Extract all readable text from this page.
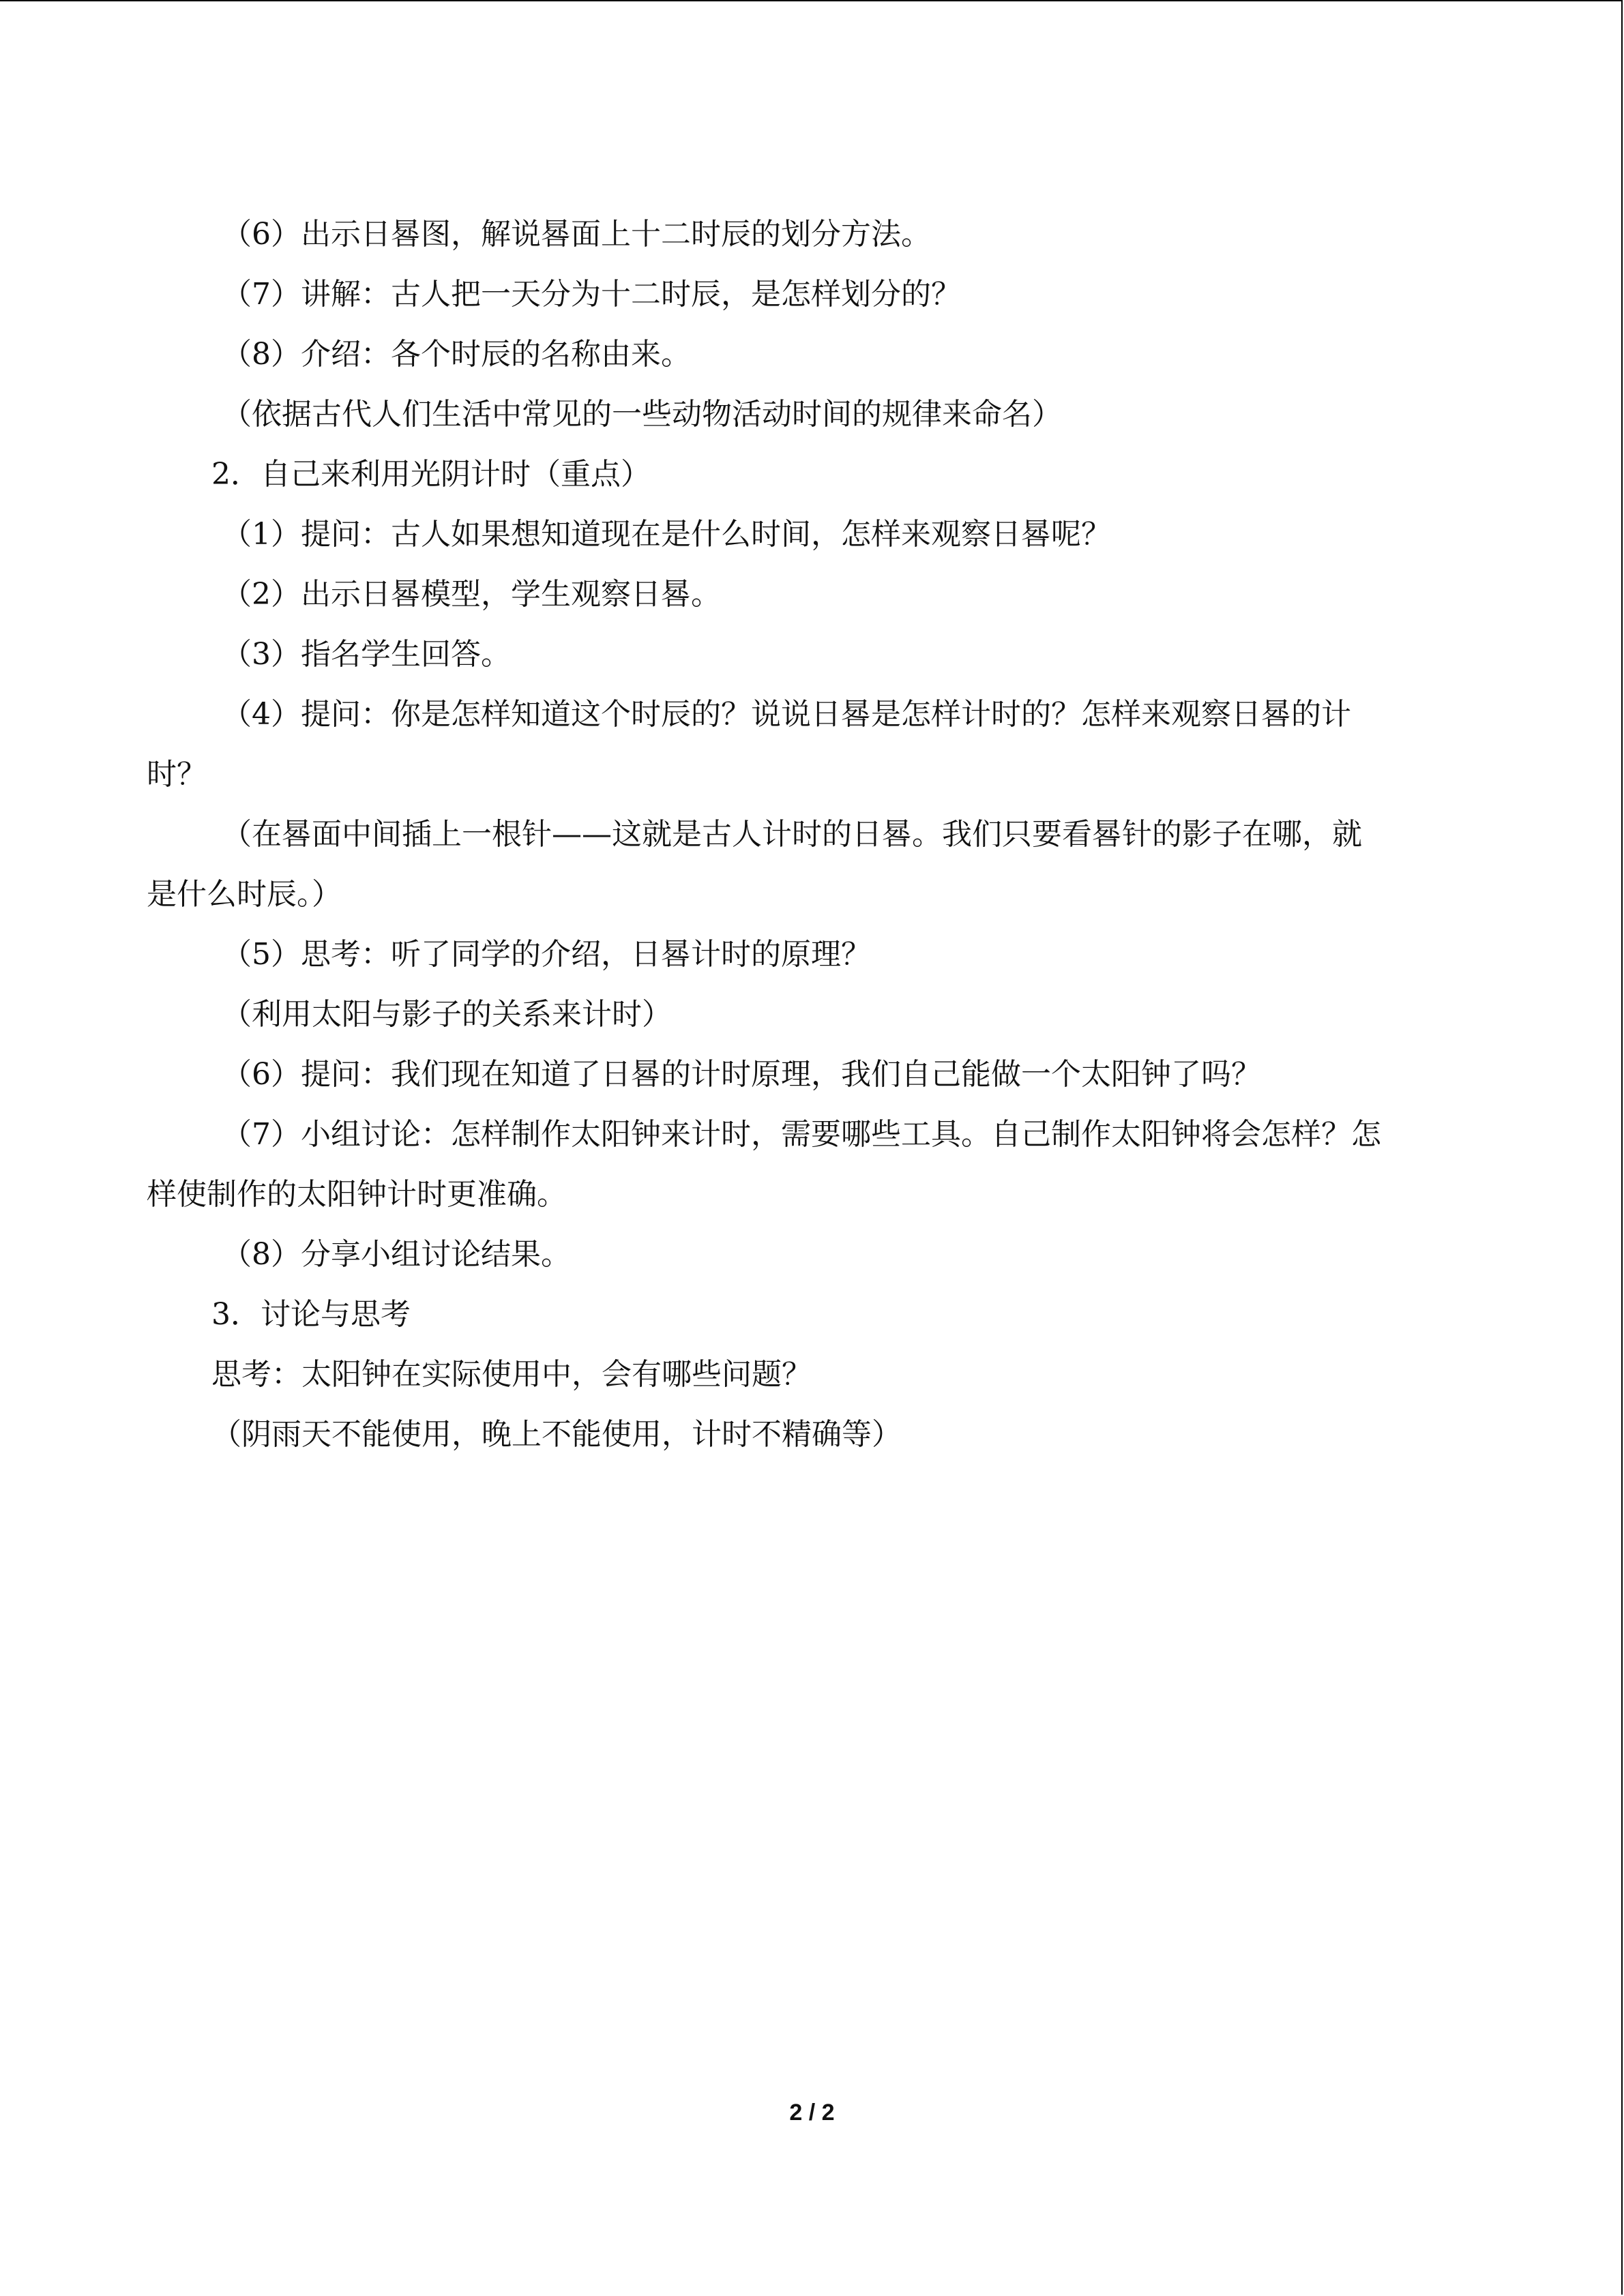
（6）出示日晷图，解说晷面上十二时辰的划分方法。

（7）讲解：古人把一天分为十二时辰，是怎样划分的？

（8）介绍：各个时辰的名称由来。

（依据古代人们生活中常见的一些动物活动时间的规律来命名）

2．自己来利用光阴计时（重点）

（1）提问：古人如果想知道现在是什么时间，怎样来观察日晷呢？

（2）出示日晷模型，学生观察日晷。

（3）指名学生回答。

（4）提问：你是怎样知道这个时辰的？说说日晷是怎样计时的？怎样来观察日晷的计

时？

（在晷面中间插上一根针——这就是古人计时的日晷。我们只要看晷针的影子在哪，就

是什么时辰。）

（5）思考：听了同学的介绍，日晷计时的原理？

（利用太阳与影子的关系来计时）

（6）提问：我们现在知道了日晷的计时原理，我们自己能做一个太阳钟了吗？

（7）小组讨论：怎样制作太阳钟来计时，需要哪些工具。自己制作太阳钟将会怎样？怎

样使制作的太阳钟计时更准确。

（8）分享小组讨论结果。

3．讨论与思考

思考：太阳钟在实际使用中，会有哪些问题？

（阴雨天不能使用，晚上不能使用，计时不精确等）

2 / 2
